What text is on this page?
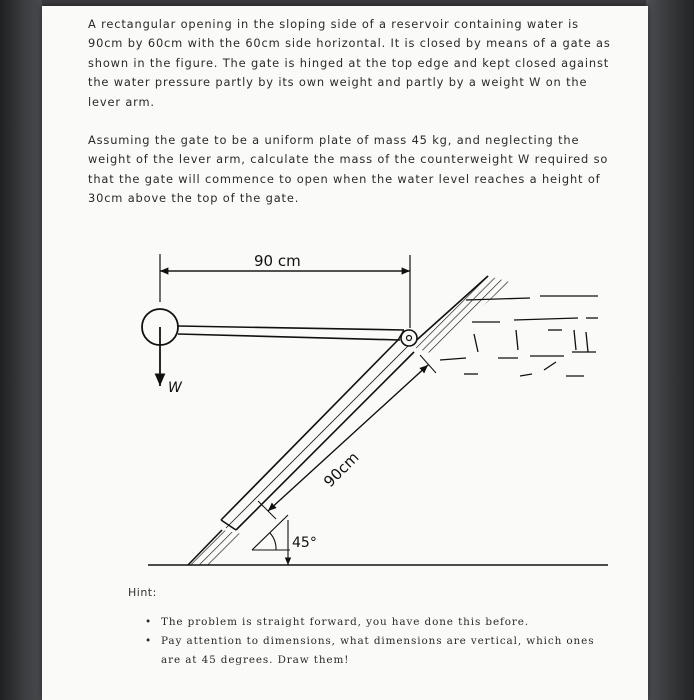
A rectangular opening in the sloping side of a reservoir containing water is 90cm by 60cm with the 60cm side horizontal. It is closed by means of a gate as shown in the figure. The gate is hinged at the top edge and kept closed against the water pressure partly by its own weight and partly by a weight W on the lever arm.

Assuming the gate to be a uniform plate of mass 45 kg, and neglecting the weight of the lever arm, calculate the mass of the counterweight W required so that the gate will commence to open when the water level reaches a height of 30cm above the top of the gate.

W
90 cm
90cm
45°
Hint:
• The problem is straight forward, you have done this before.
• Pay attention to dimensions, what dimensions are vertical, which ones are at 45 degrees. Draw them!
